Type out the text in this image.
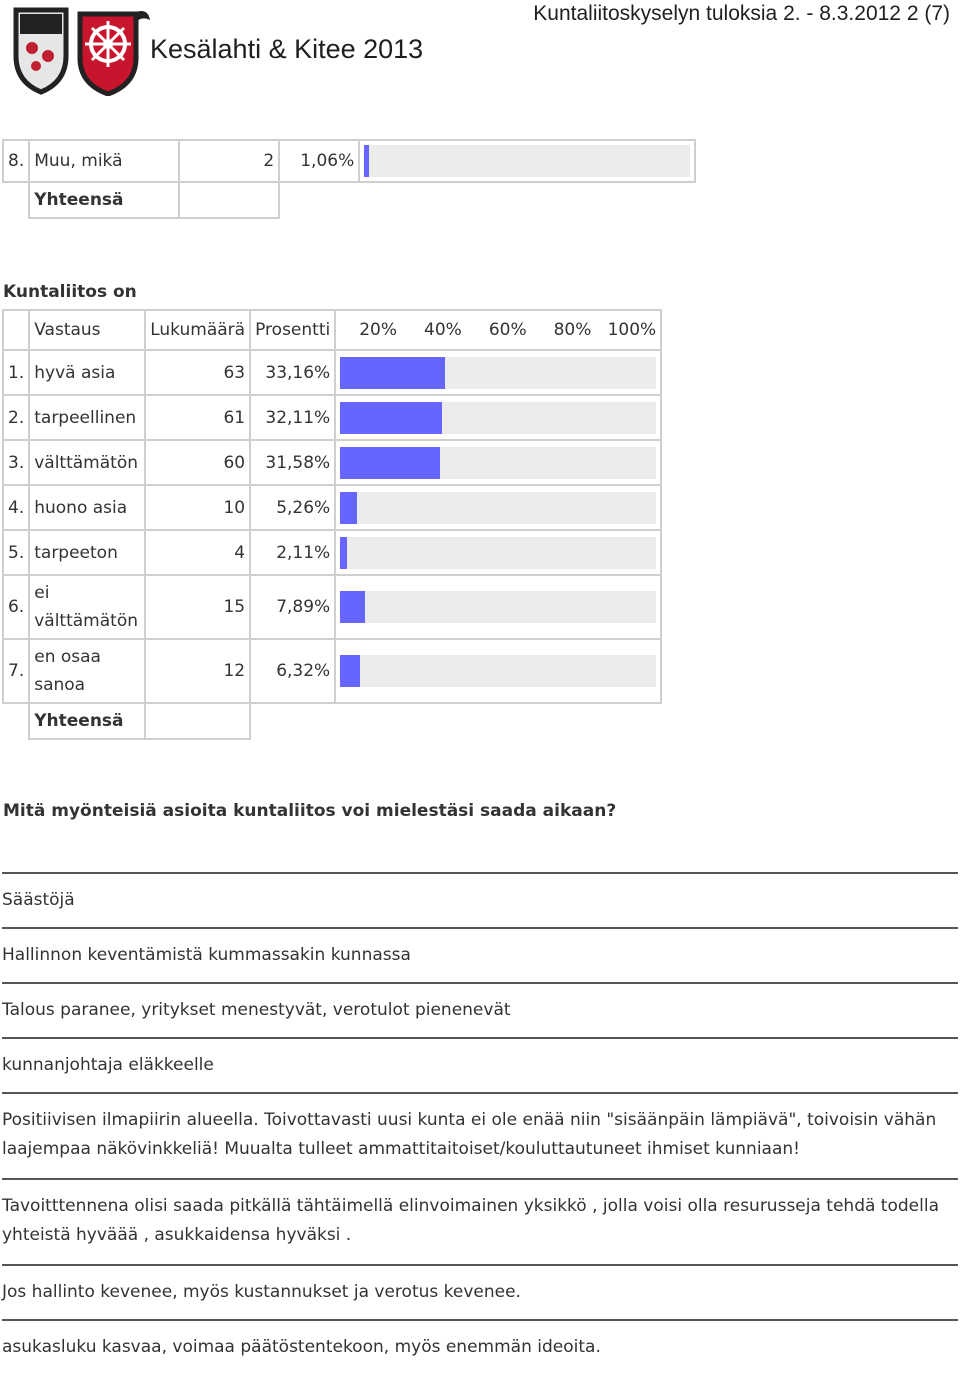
Kesälahti & Kitee 2013
Kuntaliitoskyselyn tuloksia 2. - 8.3.2012 2 (7)
8.	Muu, mikä	2	1,06%	

	Yhteensä			
Kuntaliitos on
	Vastaus	Lukumäärä	Prosentti	20%	40%	60%	80%	100%

1.	hyvä asia	63	33,16%	

2.	tarpeellinen	61	32,11%	

3.	välttämätön	60	31,58%	

4.	huono asia	10	5,26%	

5.	tarpeeton	4	2,11%	

6.	ei välttämätön	15	7,89%	

7.	en osaa sanoa	12	6,32%	

	Yhteensä			
Mitä myönteisiä asioita kuntaliitos voi mielestäsi saada aikaan?
Säästöjä
Hallinnon keventämistä kummassakin kunnassa
Talous paranee, yritykset menestyvät, verotulot pienenevät
kunnanjohtaja eläkkeelle
Positiivisen ilmapiirin alueella. Toivottavasti uusi kunta ei ole enää niin "sisäänpäin lämpiävä", toivoisin vähän laajempaa näkövinkkeliä! Muualta tulleet ammattitaitoiset/kouluttautuneet ihmiset kunniaan!
Tavoitttennena olisi saada pitkällä tähtäimellä elinvoimainen yksikkö , jolla voisi olla resurusseja tehdä todella yhteistä hyväää , asukkaidensa hyväksi .
Jos hallinto kevenee, myös kustannukset ja verotus kevenee.
asukasluku kasvaa, voimaa päätöstentekoon, myös enemmän ideoita.
